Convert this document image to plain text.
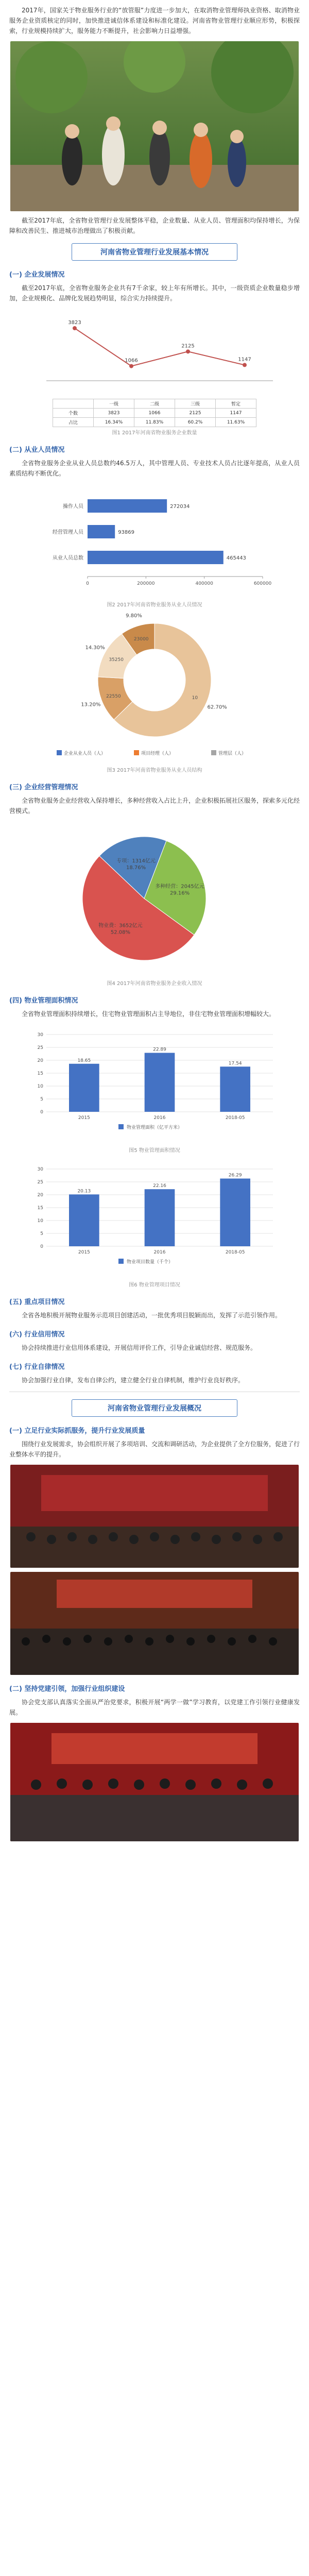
2017年，国家关于物业服务行业的“放管服”力度进一步加大，在取消物业管理师执业资格、取消物业服务企业资质核定的同时，加快推进诚信体系建设和标准化建设。河南省物业管理行业顺应形势，积极探索，行业规模持续扩大，服务能力不断提升，社会影响力日益增强。

截至2017年底，全省物业管理行业发展整体平稳，企业数量、从业人员、管理面积均保持增长，为保障和改善民生、推进城市治理做出了积极贡献。

河南省物业管理行业发展基本情况
(一) 企业发展情况

截至2017年底，全省物业服务企业共有7千余家，较上年有所增长。其中，一级资质企业数量稳步增加，企业规模化、品牌化发展趋势明显，综合实力持续提升。

3823
1066
2125
1147
	一级	二级	三级	暂定
个数	3823	1066	2125	1147
占比	16.34%	11.83%	60.2%	11.63%
图1 2017年河南省物业服务企业数量
(二) 从业人员情况

全省物业服务企业从业人员总数约46.5万人，其中管理人员、专业技术人员占比逐年提高，从业人员素质结构不断优化。

操作人员	272034
经营管理人员	93869
从业人员总数	465443
0	200000	400000	600000
图2 2017年河南省物业服务从业人员情况
62.70%
10
13.20%
22550
14.30%
35250
9.80%
23000
企业从业人员（人）	项目经理（人）	管理层（人）
图3 2017年河南省物业服务从业人员结构
(三) 企业经营管理情况

全省物业服务企业经营收入保持增长，多种经营收入占比上升，企业积极拓展社区服务，探索多元化经营模式。

物业费：3652亿元
52.08%
专项：1314亿元
18.76%
多种经营：2045亿元
29.16%
图4 2017年河南省物业服务企业收入情况
(四) 物业管理面积情况

全省物业管理面积持续增长，住宅物业管理面积占主导地位，非住宅物业管理面积增幅较大。

0
5
10
15
20
25
30
18.65
2015
22.89
2016
17.54
2018-05
物业管理面积（亿平方米）
图5 物业管理面积情况
0
5
10
15
20
25
30
20.13
2015
22.16
2016
26.29
2018-05
物业项目数量（千个）
图6 物业管理项目情况
(五) 重点项目情况

全省各地积极开展物业服务示范项目创建活动，一批优秀项目脱颖而出，发挥了示范引领作用。

(六) 行业信用情况

协会持续推进行业信用体系建设，开展信用评价工作，引导企业诚信经营、规范服务。

(七) 行业自律情况

协会加强行业自律，发布自律公约，建立健全行业自律机制，维护行业良好秩序。

河南省物业管理行业发展概况
(一) 立足行业实际抓服务，提升行业发展质量

围绕行业发展需求，协会组织开展了多项培训、交流和调研活动，为企业提供了全方位服务，促进了行业整体水平的提升。

(二) 坚持党建引领，加强行业组织建设

协会党支部认真落实全面从严治党要求，积极开展“两学一做”学习教育，以党建工作引领行业健康发展。
